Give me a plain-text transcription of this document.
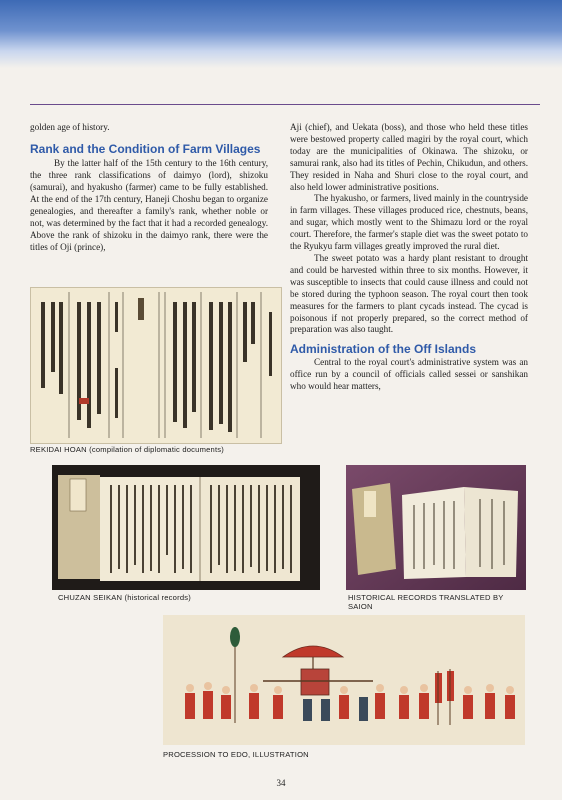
golden age of history.

Rank and the Condition of Farm Villages

By the latter half of the 15th century to the 16th century, the three rank classifications of daimyo (lord), shizoku (samurai), and hyakusho (farmer) came to be fully established. At the end of the 17th century, Haneji Choshu began to organize genealogies, and thereafter a family's rank, whether noble or not, was determined by the fact that it had a recorded genealogy. Above the rank of shizoku in the daimyo rank, there were the titles of Oji (prince),

REKIDAI HOAN (compilation of diplomatic documents)

Aji (chief), and Uekata (boss), and those who held these titles were bestowed property called magiri by the royal court, which today are the municipalities of Okinawa. The shizoku, or samurai rank, also had its titles of Pechin, Chikudun, and others. They resided in Naha and Shuri close to the royal court, and also held lower administrative positions.

The hyakusho, or farmers, lived mainly in the countryside in farm villages. These villages produced rice, chestnuts, beans, and sugar, which mostly went to the Shimazu lord or the royal court. Therefore, the farmer's staple diet was the sweet potato to the Ryukyu farm villages greatly improved the rural diet.

The sweet potato was a hardy plant resistant to drought and could be harvested within three to six months. However, it was susceptible to insects that could cause illness and could not be stored during the typhoon season. The royal court then took measures for the farmers to plant cycads instead. The cycad is poisonous if not properly prepared, so the correct method of preparation was also taught.

Administration of the Off Islands

Central to the royal court's administrative system was an office run by a council of officials called sessei or sanshikan who would hear matters,

CHUZAN SEIKAN (historical records)	HISTORICAL RECORDS TRANSLATED BY SAION
PROCESSION TO EDO, ILLUSTRATION
34
